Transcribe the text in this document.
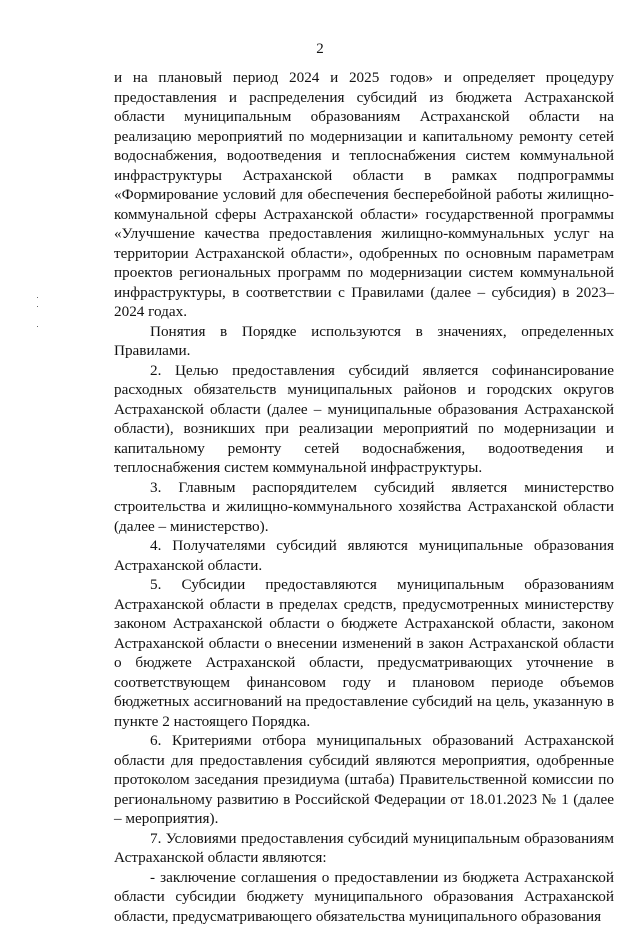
2

и на плановый период 2024 и 2025 годов» и определяет процедуру предоставления и распределения субсидий из бюджета Астраханской области муниципальным образованиям Астраханской области на реализацию мероприятий по модернизации и капитальному ремонту сетей водоснабжения, водоотведения и теплоснабжения систем коммунальной инфраструктуры Астраханской области в рамках подпрограммы «Формирование условий для обеспечения бесперебойной работы жилищно-коммунальной сферы Астраханской области» государственной программы «Улучшение качества предоставления жилищно-коммунальных услуг на территории Астраханской области», одобренных по основным параметрам проектов региональных программ по модернизации систем коммунальной инфраструктуры, в соответствии с Правилами (далее – субсидия) в 2023–2024 годах.

Понятия в Порядке используются в значениях, определенных Правилами.

2. Целью предоставления субсидий является софинансирование расходных обязательств муниципальных районов и городских округов Астраханской области (далее – муниципальные образования Астраханской области), возникших при реализации мероприятий по модернизации и капитальному ремонту сетей водоснабжения, водоотведения и теплоснабжения систем коммунальной инфраструктуры.

3. Главным распорядителем субсидий является министерство строительства и жилищно-коммунального хозяйства Астраханской области (далее – министерство).

4. Получателями субсидий являются муниципальные образования Астраханской области.

5. Субсидии предоставляются муниципальным образованиям Астраханской области в пределах средств, предусмотренных министерству законом Астраханской области о бюджете Астраханской области, законом Астраханской области о внесении изменений в закон Астраханской области о бюджете Астраханской области, предусматривающих уточнение в соответствующем финансовом году и плановом периоде объемов бюджетных ассигнований на предоставление субсидий на цель, указанную в пункте 2 настоящего Порядка.

6. Критериями отбора муниципальных образований Астраханской области для предоставления субсидий являются мероприятия, одобренные протоколом заседания президиума (штаба) Правительственной комиссии по региональному развитию в Российской Федерации от 18.01.2023 № 1 (далее – мероприятия).

7. Условиями предоставления субсидий муниципальным образованиям Астраханской области являются:

- заключение соглашения о предоставлении из бюджета Астраханской области субсидии бюджету муниципального образования Астраханской области, предусматривающего обязательства муниципального образования
